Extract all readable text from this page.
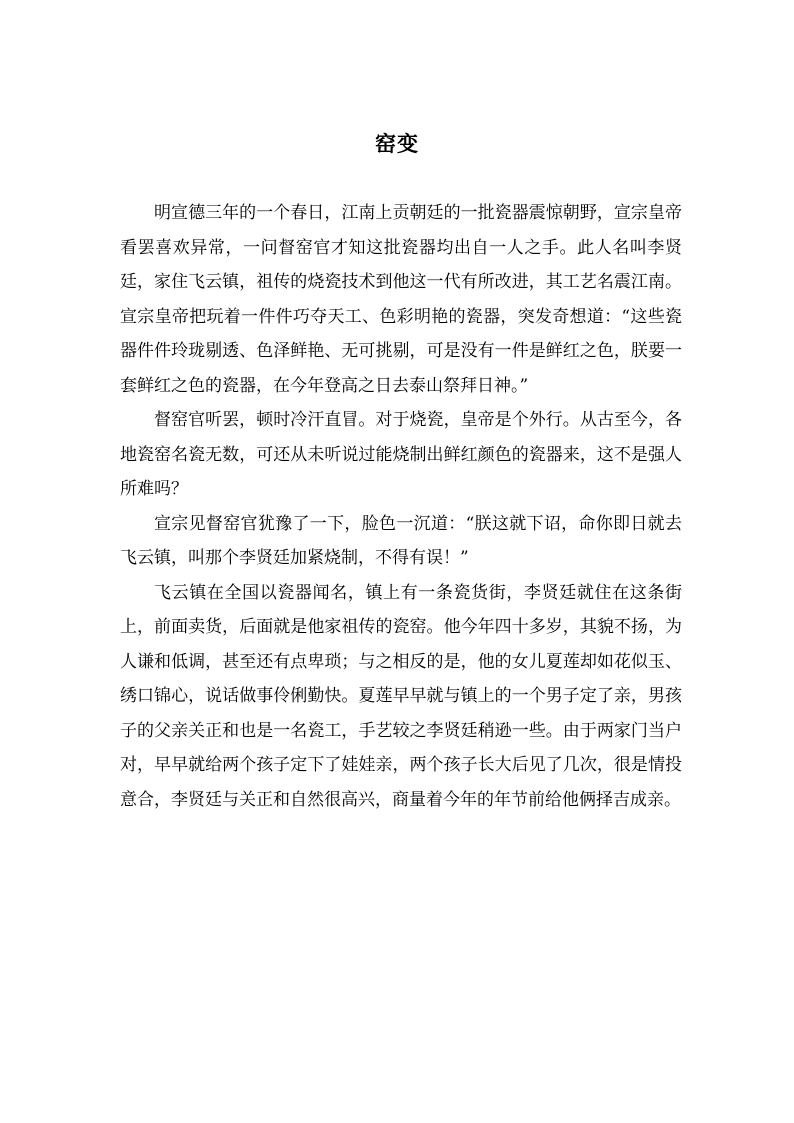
窑变

明宣德三年的一个春日，江南上贡朝廷的一批瓷器震惊朝野，宣宗皇帝看罢喜欢异常，一问督窑官才知这批瓷器均出自一人之手。此人名叫李贤廷，家住飞云镇，祖传的烧瓷技术到他这一代有所改进，其工艺名震江南。宣宗皇帝把玩着一件件巧夺天工、色彩明艳的瓷器，突发奇想道：“这些瓷器件件玲珑剔透、色泽鲜艳、无可挑剔，可是没有一件是鲜红之色，朕要一套鲜红之色的瓷器，在今年登高之日去泰山祭拜日神。”

督窑官听罢，顿时冷汗直冒。对于烧瓷，皇帝是个外行。从古至今，各地瓷窑名瓷无数，可还从未听说过能烧制出鲜红颜色的瓷器来，这不是强人所难吗？

宣宗见督窑官犹豫了一下，脸色一沉道：“朕这就下诏，命你即日就去飞云镇，叫那个李贤廷加紧烧制，不得有误！”

飞云镇在全国以瓷器闻名，镇上有一条瓷货街，李贤廷就住在这条街上，前面卖货，后面就是他家祖传的瓷窑。他今年四十多岁，其貌不扬，为人谦和低调，甚至还有点卑琐；与之相反的是，他的女儿夏莲却如花似玉、绣口锦心，说话做事伶俐勤快。夏莲早早就与镇上的一个男子定了亲，男孩子的父亲关正和也是一名瓷工，手艺较之李贤廷稍逊一些。由于两家门当户对，早早就给两个孩子定下了娃娃亲，两个孩子长大后见了几次，很是情投意合，李贤廷与关正和自然很高兴，商量着今年的年节前给他俩择吉成亲。
